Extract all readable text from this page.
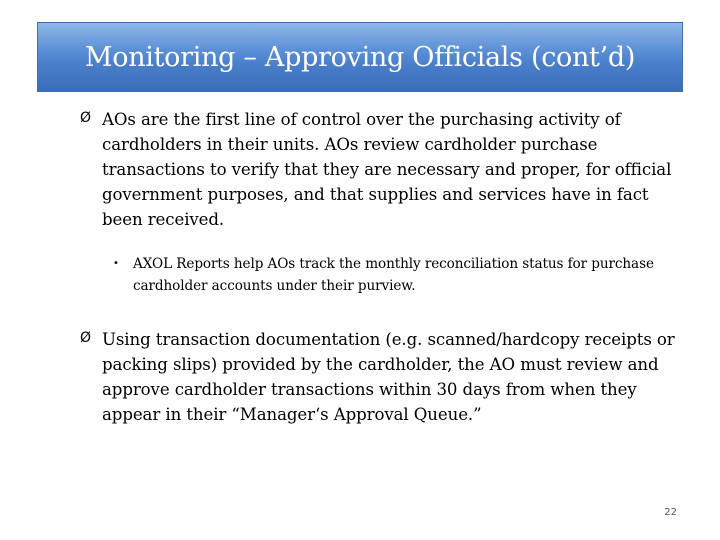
Monitoring – Approving Officials (cont’d)
Ø AOs are the first line of control over the purchasing activity of cardholders in their units. AOs review cardholder purchase transactions to verify that they are necessary and proper, for official government purposes, and that supplies and services have in fact been received.
•	AXOL Reports help AOs track the monthly reconciliation status for purchase cardholder accounts under their purview.
Ø Using transaction documentation (e.g. scanned/hardcopy receipts or packing slips) provided by the cardholder, the AO must review and approve cardholder transactions within 30 days from when they appear in their “Manager‘s Approval Queue.”
22
